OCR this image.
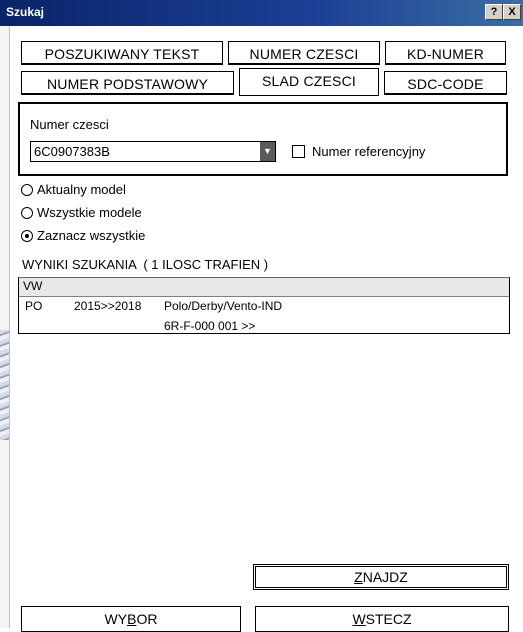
Szukaj	? X
POSZUKIWANY TEKST	NUMER CZESCI	KD-NUMER
NUMER PODSTAWOWY	SLAD CZESCI	SDC-CODE
Numer czesci
6C0907383B	▼	Numer referencyjny
Aktualny model
Wszystkie modele
Zaznacz wszystkie
WYNIKI SZUKANIA  ( 1 ILOSC TRAFIEN )
VW
PO	2015>>2018 Polo/Derby/Vento-IND
6R-F-000 001 >>
ZNAJDZ
WYBOR	WSTECZ
